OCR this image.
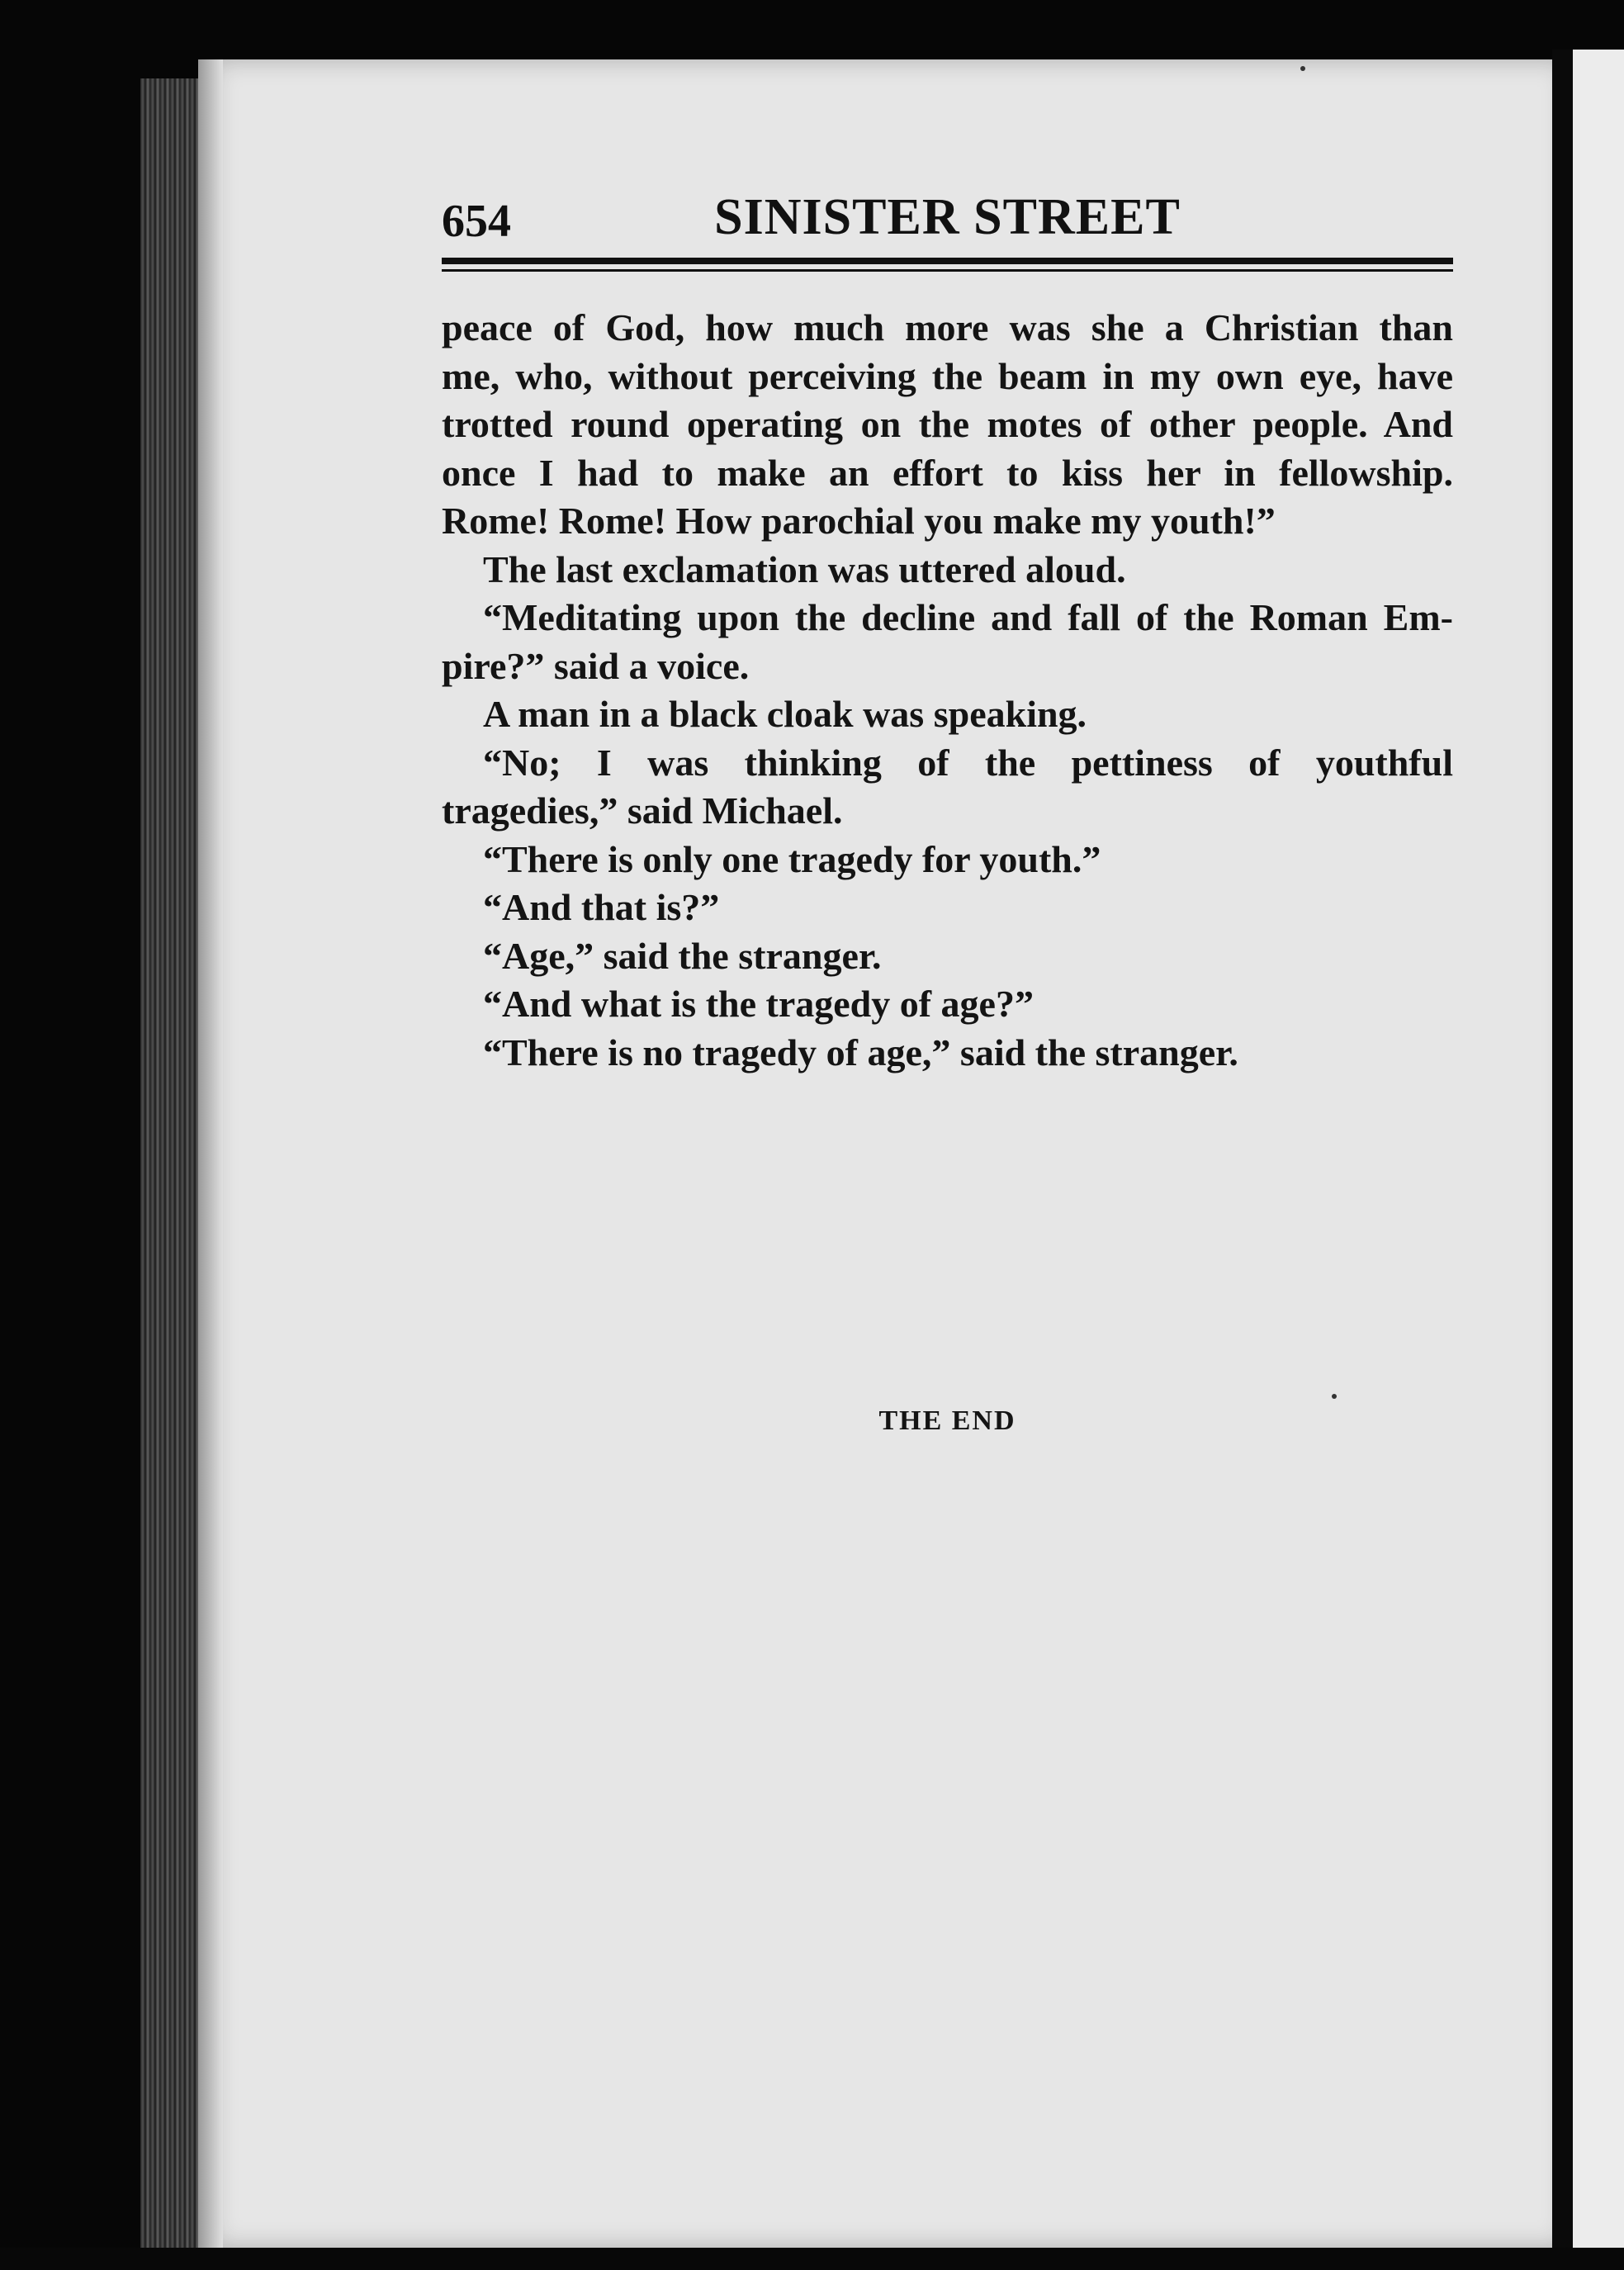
654	SINISTER STREET
peace of God, how much more was she a Christian than
me, who, without perceiving the beam in my own eye, have
trotted round operating on the motes of other people. And
once I had to make an effort to kiss her in fellowship.
Rome! Rome! How parochial you make my youth!”
The last exclamation was uttered aloud.
“Meditating upon the decline and fall of the Roman Em-
pire?” said a voice.
A man in a black cloak was speaking.
“No; I was thinking of the pettiness of youthful
tragedies,” said Michael.
“There is only one tragedy for youth.”
“And that is?”
“Age,” said the stranger.
“And what is the tragedy of age?”
“There is no tragedy of age,” said the stranger.
THE END
